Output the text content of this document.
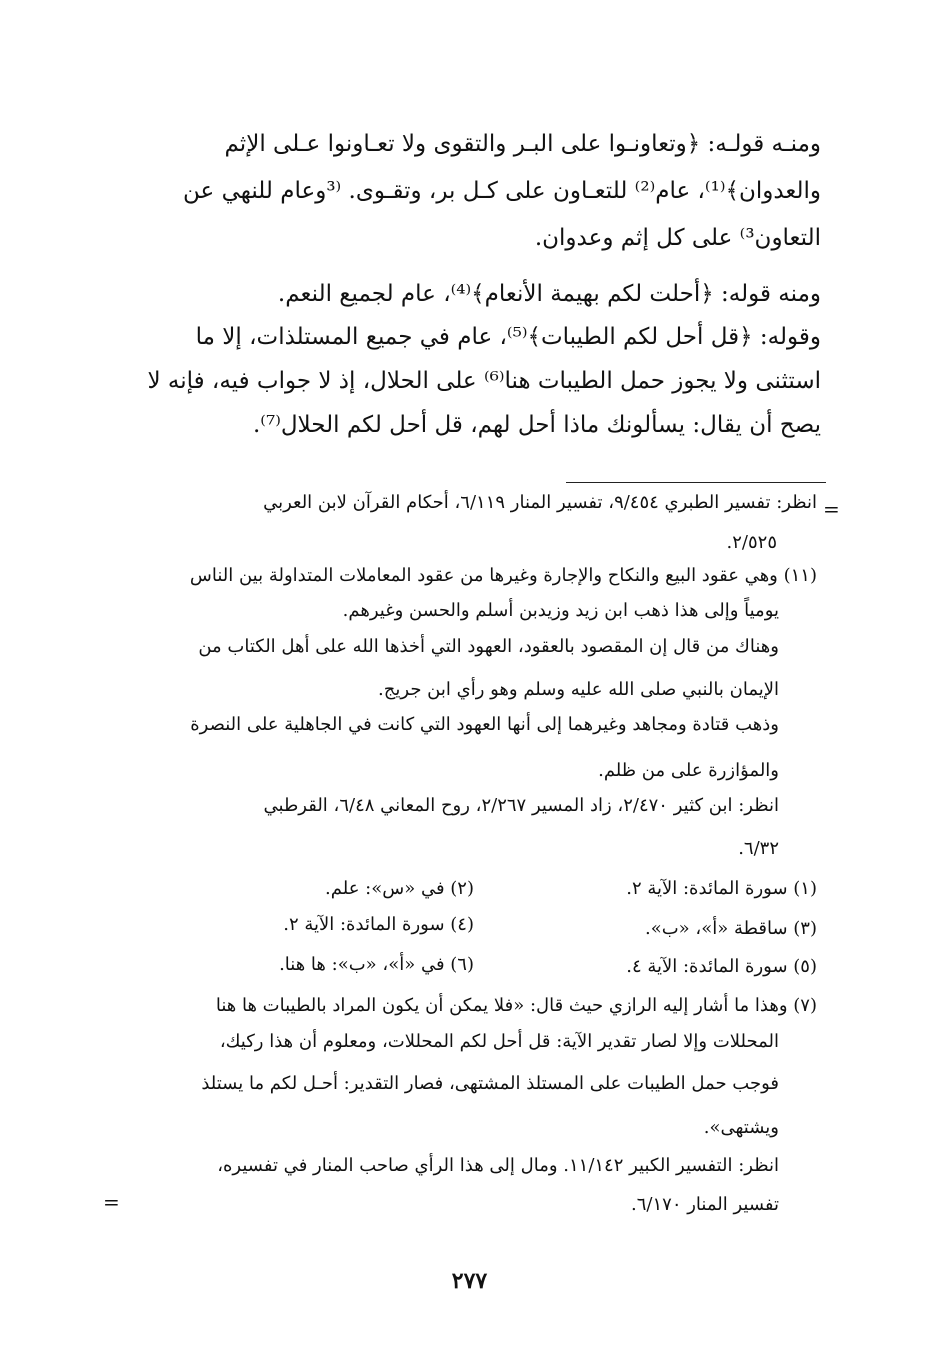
ومنـه قولـه: ﴿وتعاونـوا على البـر والتقوى ولا تعـاونوا عـلى الإثم
والعدوان﴾⁽¹⁾، عام⁽²⁾ للتعـاون على كـل بر، وتقـوى. ⁽³وعام للنهي عن
التعاون³⁾ على كل إثم وعدوان.
ومنه قوله: ﴿أحلت لكم بهيمة الأنعام﴾⁽⁴⁾، عام لجميع النعم.
وقوله: ﴿قل أحل لكم الطيبات﴾⁽⁵⁾، عام في جميع المستلذات، إلا ما
استثنى ولا يجوز حمل الطيبات هنا⁽⁶⁾ على الحلال، إذ لا جواب فيه، فإنه لا
يصح أن يقال: يسألونك ماذا أحل لهم، قل أحل لكم الحلال⁽⁷⁾.
=
انظر: تفسير الطبري ٩/٤٥٤، تفسير المنار ٦/١١٩، أحكام القرآن لابن العربي
٢/٥٢٥.
(١١) وهي عقود البيع والنكاح والإجارة وغيرها من عقود المعاملات المتداولة بين الناس
يومياً وإلى هذا ذهب ابن زيد وزيدبن أسلم والحسن وغيرهم.
وهناك من قال إن المقصود بالعقود، العهود التي أخذها الله على أهل الكتاب من
الإيمان بالنبي صلى الله عليه وسلم وهو رأي ابن جريج.
وذهب قتادة ومجاهد وغيرهما إلى أنها العهود التي كانت في الجاهلية على النصرة
والمؤازرة على من ظلم.
انظر: ابن كثير ٢/٤٧٠، زاد المسير ٢/٢٦٧، روح المعاني ٦/٤٨، القرطبي
٦/٣٢.
(١) سورة المائدة: الآية ٢.
(٢) في «س»: علم.
(٣) ساقطة «أ»، «ب».
(٤) سورة المائدة: الآية ٢.
(٥) سورة المائدة: الآية ٤.
(٦) في «أ»، «ب»: ها هنا.
(٧) وهذا ما أشار إليه الرازي حيث قال: «فلا يمكن أن يكون المراد بالطيبات ها هنا
المحللات وإلا لصار تقدير الآية: قل أحل لكم المحللات، ومعلوم أن هذا ركيك،
فوجب حمل الطيبات على المستلذ المشتهى، فصار التقدير: أحـل لكم ما يستلذ
ويشتهى».
انظر: التفسير الكبير ١١/١٤٢. ومال إلى هذا الرأي صاحب المنار في تفسيره،
تفسير المنار ٦/١٧٠.
=
٢٧٧
